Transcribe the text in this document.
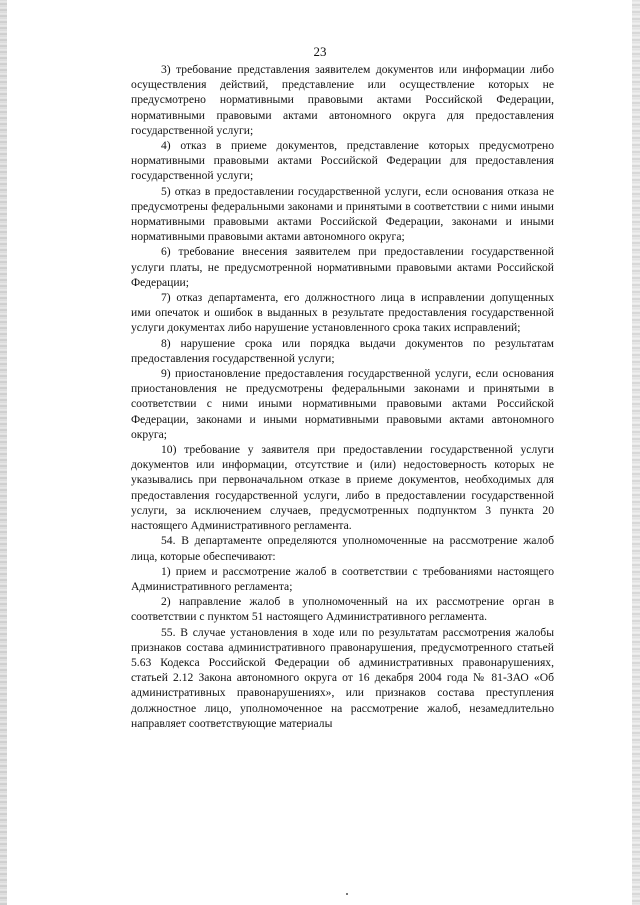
23

3) требование представления заявителем документов или информации либо осуществления действий, представление или осуществление которых не предусмотрено нормативными правовыми актами Российской Федерации, нормативными правовыми актами автономного округа для предоставления государственной услуги;

4) отказ в приеме документов, представление которых предусмотрено нормативными правовыми актами Российской Федерации для предоставления государственной услуги;

5) отказ в предоставлении государственной услуги, если основания отказа не предусмотрены федеральными законами и принятыми в соответствии с ними иными нормативными правовыми актами Российской Федерации, законами и иными нормативными правовыми актами автономного округа;

6) требование внесения заявителем при предоставлении государственной услуги платы, не предусмотренной нормативными правовыми актами Российской Федерации;

7) отказ департамента, его должностного лица в исправлении допущенных ими опечаток и ошибок в выданных в результате предоставления государственной услуги документах либо нарушение установленного срока таких исправлений;

8) нарушение срока или порядка выдачи документов по результатам предоставления государственной услуги;

9) приостановление предоставления государственной услуги, если основания приостановления не предусмотрены федеральными законами и принятыми в соответствии с ними иными нормативными правовыми актами Российской Федерации, законами и иными нормативными правовыми актами автономного округа;

10) требование у заявителя при предоставлении государственной услуги документов или информации, отсутствие и (или) недостоверность которых не указывались при первоначальном отказе в приеме документов, необходимых для предоставления государственной услуги, либо в предоставлении государственной услуги, за исключением случаев, предусмотренных подпунктом 3 пункта 20 настоящего Административного регламента.

54. В департаменте определяются уполномоченные на рассмотрение жалоб лица, которые обеспечивают:

1) прием и рассмотрение жалоб в соответствии с требованиями настоящего Административного регламента;

2) направление жалоб в уполномоченный на их рассмотрение орган в соответствии с пунктом 51 настоящего Административного регламента.

55. В случае установления в ходе или по результатам рассмотрения жалобы признаков состава административного правонарушения, предусмотренного статьей 5.63 Кодекса Российской Федерации об административных правонарушениях, статьей 2.12 Закона автономного округа от 16 декабря 2004 года № 81-ЗАО «Об административных правонарушениях», или признаков состава преступления должностное лицо, уполномоченное на рассмотрение жалоб, незамедлительно направляет соответствующие материалы
